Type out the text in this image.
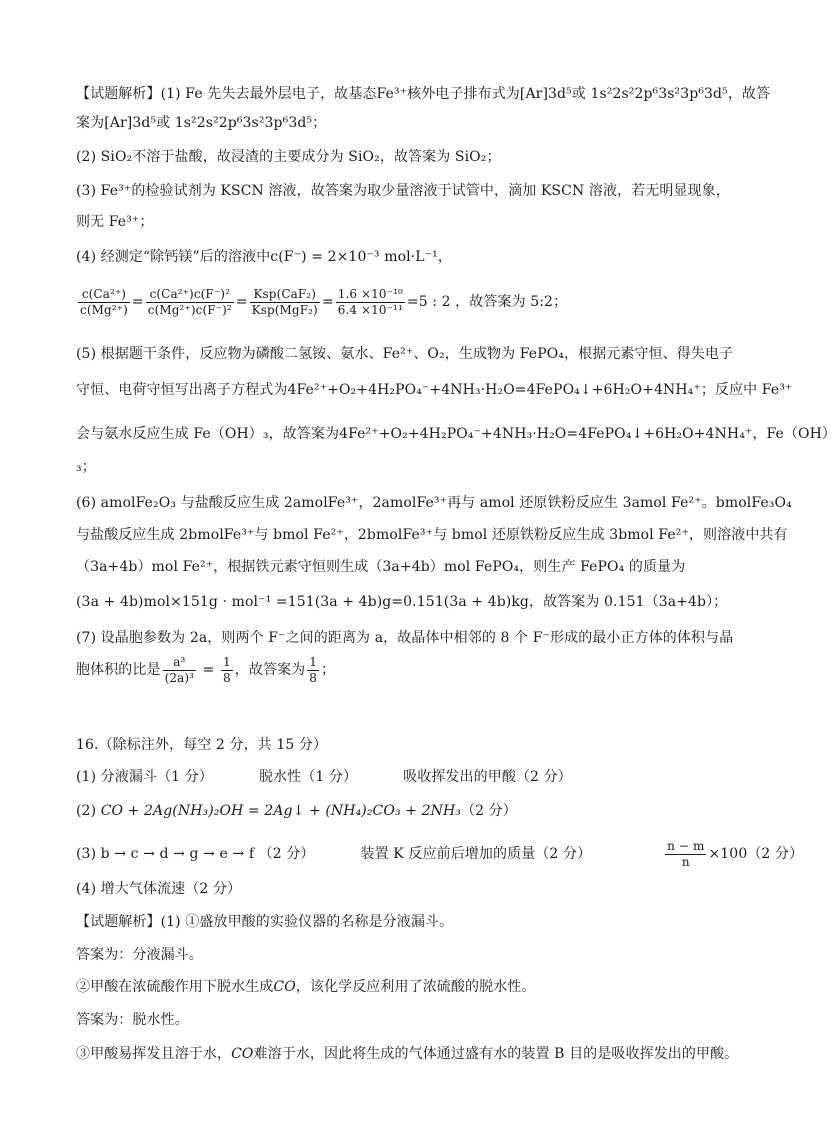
【试题解析】(1) Fe 先失去最外层电子，故基态Fe³⁺核外电子排布式为[Ar]3d⁵或 1s²2s²2p⁶3s²3p⁶3d⁵，故答
案为[Ar]3d⁵或 1s²2s²2p⁶3s²3p⁶3d⁵；
(2) SiO₂不溶于盐酸，故浸渣的主要成分为 SiO₂，故答案为 SiO₂；
(3) Fe³⁺的检验试剂为 KSCN 溶液，故答案为取少量溶液于试管中，滴加 KSCN 溶液，若无明显现象，
则无 Fe³⁺；
(4) 经测定“除钙镁”后的溶液中c(F⁻) = 2×10⁻³ mol·L⁻¹，
$\frac{\text{c(Ca²⁺)}}{\text{c(Mg²⁺)}} = \frac{\text{c(Ca²⁺)c(F⁻)²}}{\text{c(Mg²⁺)c(F⁻)²}} = \frac{\text{Ksp(CaF₂)}}{\text{Ksp(MgF₂)}} = \frac{\text{1.6 ×10⁻¹⁰}}{\text{6.4 ×10⁻¹¹}} =5$ : 2 ，故答案为 5:2；
(5) 根据题干条件，反应物为磷酸二氢铵、氨水、Fe²⁺、O₂，生成物为 FePO₄，根据元素守恒、得失电子
守恒、电荷守恒写出离子方程式为4Fe²⁺+O₂+4H₂PO₄⁻+4NH₃·H₂O=4FePO₄↓+6H₂O+4NH₄⁺；反应中 Fe³⁺
会与氨水反应生成 Fe（OH）₃，故答案为4Fe²⁺+O₂+4H₂PO₄⁻+4NH₃·H₂O=4FePO₄↓+6H₂O+4NH₄⁺，Fe（OH）
₃；
(6) amolFe₂O₃ 与盐酸反应生成 2amolFe³⁺，2amolFe³⁺再与 amol 还原铁粉反应生 3amol Fe²⁺。bmolFe₃O₄
与盐酸反应生成 2bmolFe³⁺与 bmol Fe²⁺，2bmolFe³⁺与 bmol 还原铁粉反应生成 3bmol Fe²⁺，则溶液中共有
（3a+4b）mol Fe²⁺，根据铁元素守恒则生成（3a+4b）mol FePO₄，则生产 FePO₄ 的质量为
(3a + 4b)mol×151g · mol⁻¹ =151(3a + 4b)g=0.151(3a + 4b)kg，故答案为 0.151（3a+4b）；
(7) 设晶胞参数为 2a，则两个 F⁻之间的距离为 a，故晶体中相邻的 8 个 F⁻形成的最小正方体的体积与晶
胞体积的比是 $\frac{\text{a³}}{\text{(2a)³}} = \frac{1}{8}$ ，故答案为 $\frac{1}{8}$ ；
16.（除标注外，每空 2 分，共 15 分）
(1) 分液漏斗（1 分）	脱水性（1 分）	吸收挥发出的甲酸（2 分）
(2) CO + 2Ag(NH₃)₂OH = 2Ag↓ + (NH₄)₂CO₃ + 2NH₃（2 分）
(3) b → c → d → g → e → f （2 分）	装置 K 反应前后增加的质量（2 分）	$\frac{n - m}{n} \times 100(2$ 分）
(4) 增大气体流速（2 分）
【试题解析】(1) ①盛放甲酸的实验仪器的名称是分液漏斗。
答案为：分液漏斗。
②甲酸在浓硫酸作用下脱水生成CO，该化学反应利用了浓硫酸的脱水性。
答案为：脱水性。
③甲酸易挥发且溶于水，CO难溶于水，因此将生成的气体通过盛有水的装置 B 目的是吸收挥发出的甲酸。
